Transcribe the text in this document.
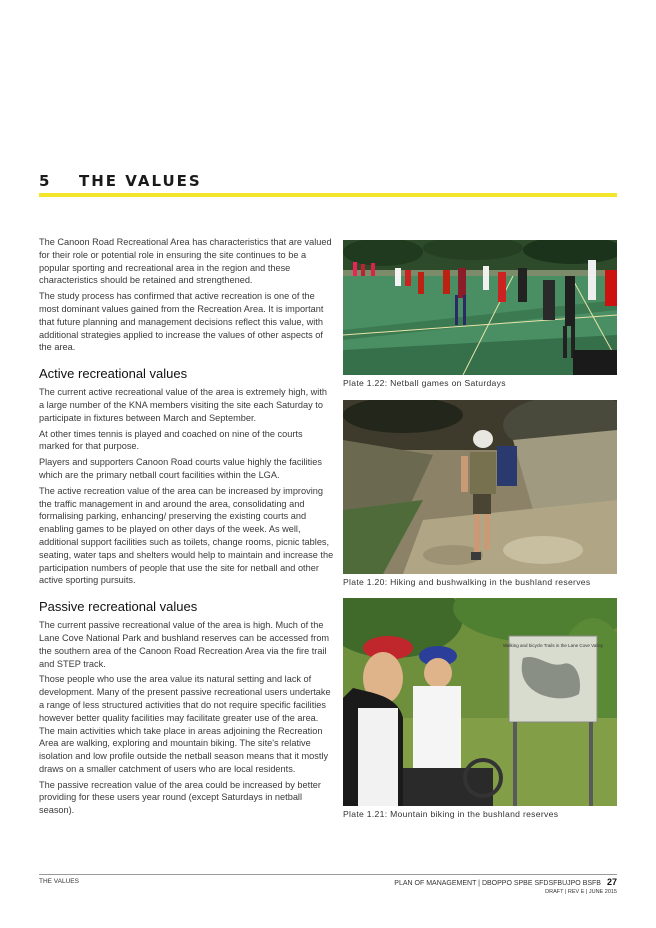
5 THE VALUES

The Canoon Road Recreational Area has characteristics that are valued for their role or potential role in ensuring the site continues to be a popular sporting and recreational area in the region and these characteristics should be retained and strengthened.

The study process has confirmed that active recreation is one of the most dominant values gained from the Recreation Area. It is important that future planning and management decisions reflect this value, with additional strategies applied to increase the values of other aspects of the area.

Active recreational values

The current active recreational value of the area is extremely high, with a large number of the KNA members visiting the site each Saturday to participate in fixtures between March and September.

At other times tennis is played and coached on nine of the courts marked for that purpose.

Players and supporters Canoon Road courts value highly the facilities which are the primary netball court facilities within the LGA.

The active recreation value of the area can be increased by improving the traffic management in and around the area, consolidating and formalising parking, enhancing/ preserving the existing courts and enabling games to be played on other days of the week. As well, additional support facilities such as toilets, change rooms, picnic tables, seating, water taps and shelters would help to maintain and increase the participation numbers of people that use the site for netball and other active sporting pursuits.

Passive recreational values

The current passive recreational value of the area is high. Much of the Lane Cove National Park and bushland reserves can be accessed from the southern area of the Canoon Road Recreation Area via the fire trail and STEP track.

Those people who use the area value its natural setting and lack of development. Many of the present passive recreational users undertake a range of less structured activities that do not require specific facilities however better quality facilities may facilitate greater use of the area. The main activities which take place in areas adjoining the Recreation Area are walking, exploring and mountain biking. The site's relative isolation and low profile outside the netball season means that it mostly draws on a smaller catchment of users who are local residents.

The passive recreation value of the area could be increased by better providing for these users year round (except Saturdays in netball season).

Plate 1.22: Netball games on Saturdays
Plate 1.20: Hiking and bushwalking in the bushland reserves
Walking and bicycle Trails in the Lane Cove Valley
Plate 1.21: Mountain biking in the bushland reserves
THE VALUES	PLAN OF MANAGEMENT | DBOPPO SPBE SFDSFBUJPO BSFB 27
DRAFT | REV E | JUNE 2015
